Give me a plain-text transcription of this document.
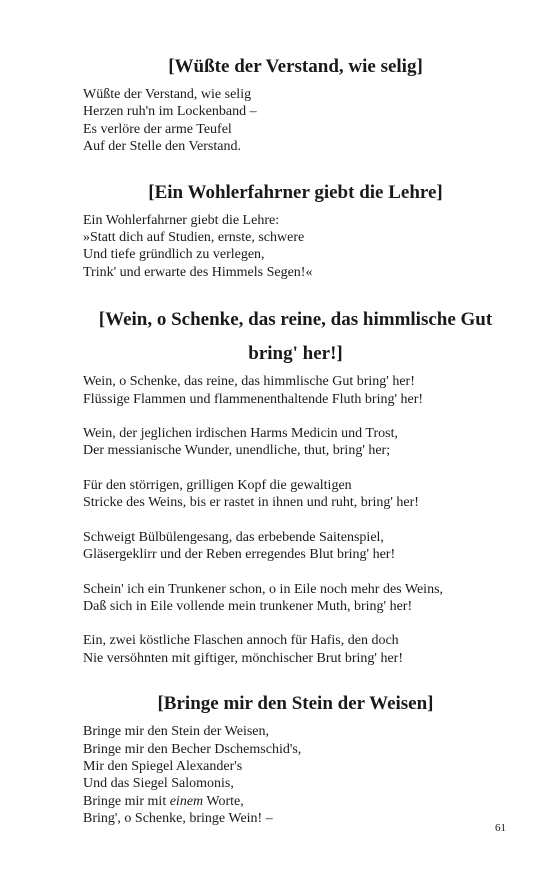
[Wüßte der Verstand, wie selig]
Wüßte der Verstand, wie selig
Herzen ruh'n im Lockenband –
Es verlöre der arme Teufel
Auf der Stelle den Verstand.
[Ein Wohlerfahrner giebt die Lehre]
Ein Wohlerfahrner giebt die Lehre:
»Statt dich auf Studien, ernste, schwere
Und tiefe gründlich zu verlegen,
Trink' und erwarte des Himmels Segen!«
[Wein, o Schenke, das reine, das himmlische Gut bring' her!]
Wein, o Schenke, das reine, das himmlische Gut bring' her!
Flüssige Flammen und flammenenthaltende Fluth bring' her!
Wein, der jeglichen irdischen Harms Medicin und Trost,
Der messianische Wunder, unendliche, thut, bring' her;
Für den störrigen, grilligen Kopf die gewaltigen
Stricke des Weins, bis er rastet in ihnen und ruht, bring' her!
Schweigt Bülbülengesang, das erbebende Saitenspiel,
Gläsergeklirr und der Reben erregendes Blut bring' her!
Schein' ich ein Trunkener schon, o in Eile noch mehr des Weins,
Daß sich in Eile vollende mein trunkener Muth, bring' her!
Ein, zwei köstliche Flaschen annoch für Hafis, den doch
Nie versöhnten mit giftiger, mönchischer Brut bring' her!
[Bringe mir den Stein der Weisen]
Bringe mir den Stein der Weisen,
Bringe mir den Becher Dschemschid's,
Mir den Spiegel Alexander's
Und das Siegel Salomonis,
Bringe mir mit einem Worte,
Bring', o Schenke, bringe Wein! –
61
